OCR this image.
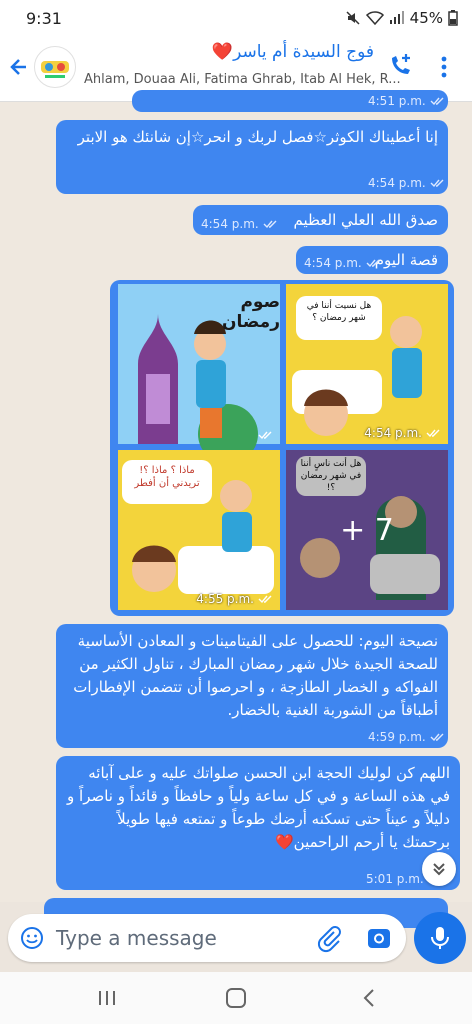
9:31	45%
فوج السيدة أم ياسر❤️
Ahlam, Douaa Ali, Fatima Ghrab, Itab Al Hek, R...
4:51 p.m.
إنا أعطيناك الكوثر☆فصل لربك و انحر☆إن شانئك هو الابتر
4:54 p.m.
صدق الله العلي العظيم
4:54 p.m.
قصة اليوم
4:54 p.m.
صوم رمضان
هل نسيت أننا في شهر رمضان ؟
4:54 p.m.
ماذا ؟ ماذا ؟! تريدني أن أفطر
4:55 p.m.
هل أنت ناسٍ أننا في شهر رمضان ؟!
+ 7
نصيحة اليوم: للحصول على الفيتامينات و المعادن الأساسية للصحة الجيدة خلال شهر رمضان المبارك ، تناول الكثير من الفواكه و الخضار الطازجة ، و احرصوا أن تتضمن الإفطارات أطباقاً من الشوربة الغنية بالخضار.
4:59 p.m.
اللهم كن لوليك الحجة ابن الحسن صلواتك عليه و على آبائه في هذه الساعة و في كل ساعة ولياً و حافظاً و قائداً و ناصراً و دليلاً و عيناً حتى تسكنه أرضك طوعاً و تمتعه فيها طويلاً برحمتك يا أرحم الراحمين❤️
5:01 p.m.
Type a message
